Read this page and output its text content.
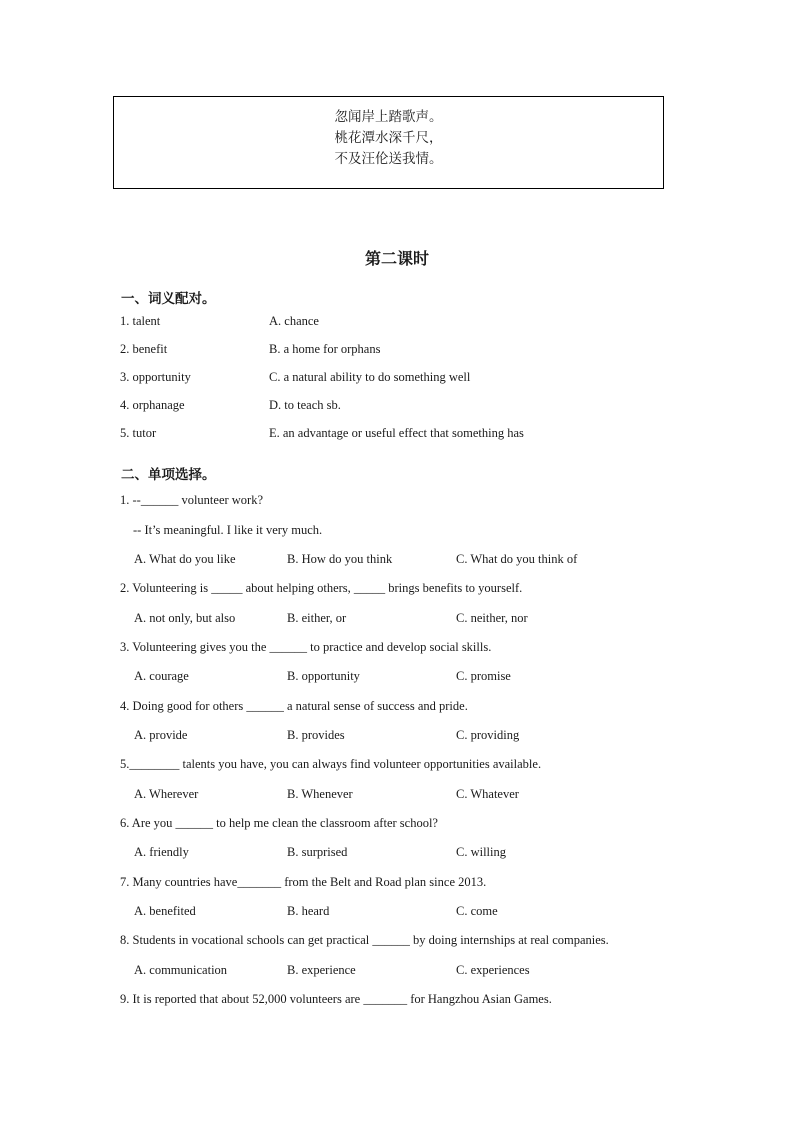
忽闻岸上踏歌声。
桃花潭水深千尺，
不及汪伦送我情。
第二课时
一、词义配对。
1. talent	A. chance
2. benefit	B. a home for orphans
3. opportunity	C. a natural ability to do something well
4. orphanage	D. to teach sb.
5. tutor	E. an advantage or useful effect that something has
二、单项选择。
1. --______ volunteer work?
-- It’s meaningful. I like it very much.
A. What do you like	B. How do you think	C. What do you think of
2. Volunteering is _____ about helping others, _____ brings benefits to yourself.
A. not only, but also	B. either, or	C. neither, nor
3. Volunteering gives you the ______ to practice and develop social skills.
A. courage	B. opportunity	C. promise
4. Doing good for others ______ a natural sense of success and pride.
A. provide	B. provides	C. providing
5.________ talents you have, you can always find volunteer opportunities available.
A. Wherever	B. Whenever	C. Whatever
6. Are you ______ to help me clean the classroom after school?
A. friendly	B. surprised	C. willing
7. Many countries have_______ from the Belt and Road plan since 2013.
A. benefited	B. heard	C. come
8. Students in vocational schools can get practical ______ by doing internships at real companies.
A. communication	B. experience	C. experiences
9. It is reported that about 52,000 volunteers are _______ for Hangzhou Asian Games.
